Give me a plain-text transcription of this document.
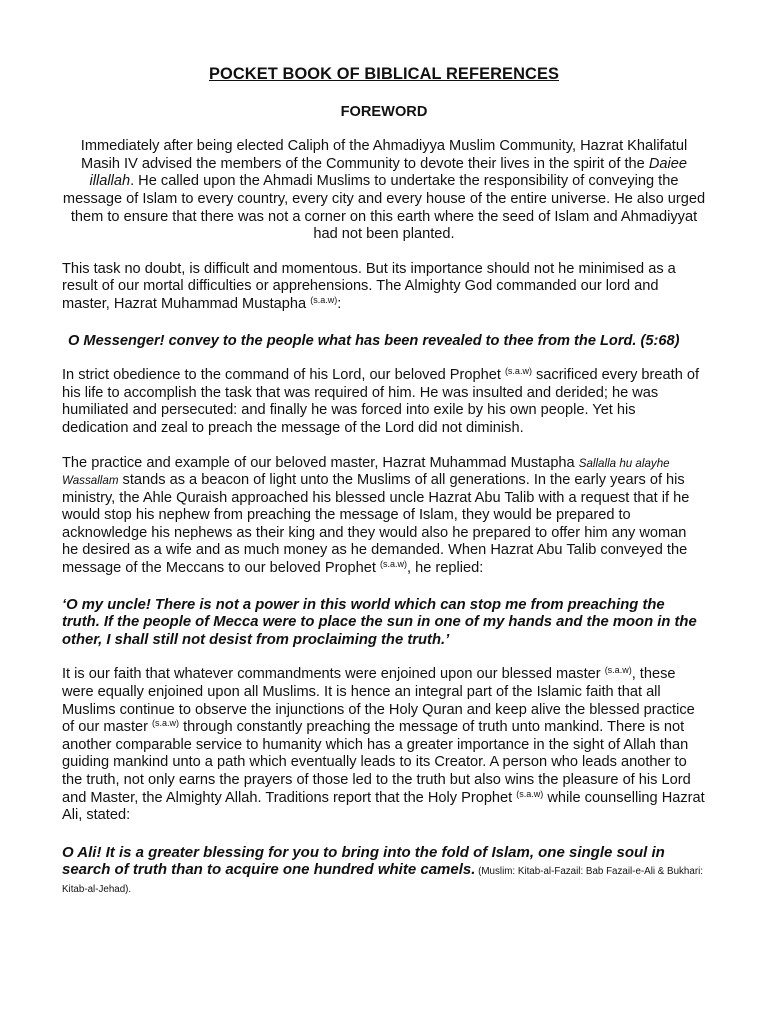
POCKET BOOK OF BIBLICAL REFERENCES
FOREWORD

Immediately after being elected Caliph of the Ahmadiyya Muslim Community, Hazrat Khalifatul Masih IV advised the members of the Community to devote their lives in the spirit of the Daiee illallah. He called upon the Ahmadi Muslims to undertake the responsibility of conveying the message of Islam to every country, every city and every house of the entire universe. He also urged them to ensure that there was not a corner on this earth where the seed of Islam and Ahmadiyyat had not been planted.

This task no doubt, is difficult and momentous. But its importance should not he minimised as a result of our mortal difficulties or apprehensions. The Almighty God commanded our lord and master, Hazrat Muhammad Mustapha $^{(s.a.w)}$:

O Messenger! convey to the people what has been revealed to thee from the Lord. (5:68)

In strict obedience to the command of his Lord, our beloved Prophet $^{(s.a.w)}$ sacrificed every breath of his life to accomplish the task that was required of him. He was insulted and derided; he was humiliated and persecuted: and finally he was forced into exile by his own people. Yet his dedication and zeal to preach the message of the Lord did not diminish.

The practice and example of our beloved master, Hazrat Muhammad Mustapha Sallalla hu alayhe Wassallam stands as a beacon of light unto the Muslims of all generations. In the early years of his ministry, the Ahle Quraish approached his blessed uncle Hazrat Abu Talib with a request that if he would stop his nephew from preaching the message of Islam, they would be prepared to acknowledge his nephews as their king and they would also he prepared to offer him any woman he desired as a wife and as much money as he demanded. When Hazrat Abu Talib conveyed the message of the Meccans to our beloved Prophet $^{(s.a.w)}$, he replied:

‘O my uncle! There is not a power in this world which can stop me from preaching the truth. If the people of Mecca were to place the sun in one of my hands and the moon in the other, I shall still not desist from proclaiming the truth.’

It is our faith that whatever commandments were enjoined upon our blessed master $^{(s.a.w)}$, these were equally enjoined upon all Muslims. It is hence an integral part of the Islamic faith that all Muslims continue to observe the injunctions of the Holy Quran and keep alive the blessed practice of our master $^{(s.a.w)}$ through constantly preaching the message of truth unto mankind. There is not another comparable service to humanity which has a greater importance in the sight of Allah than guiding mankind unto a path which eventually leads to its Creator. A person who leads another to the truth, not only earns the prayers of those led to the truth but also wins the pleasure of his Lord and Master, the Almighty Allah. Traditions report that the Holy Prophet $^{(s.a.w)}$ while counselling Hazrat Ali, stated:

O Ali! It is a greater blessing for you to bring into the fold of Islam, one single soul in search of truth than to acquire one hundred white camels. (Muslim: Kitab-al-Fazail: Bab Fazail-e-Ali & Bukhari: Kitab-al-Jehad).
